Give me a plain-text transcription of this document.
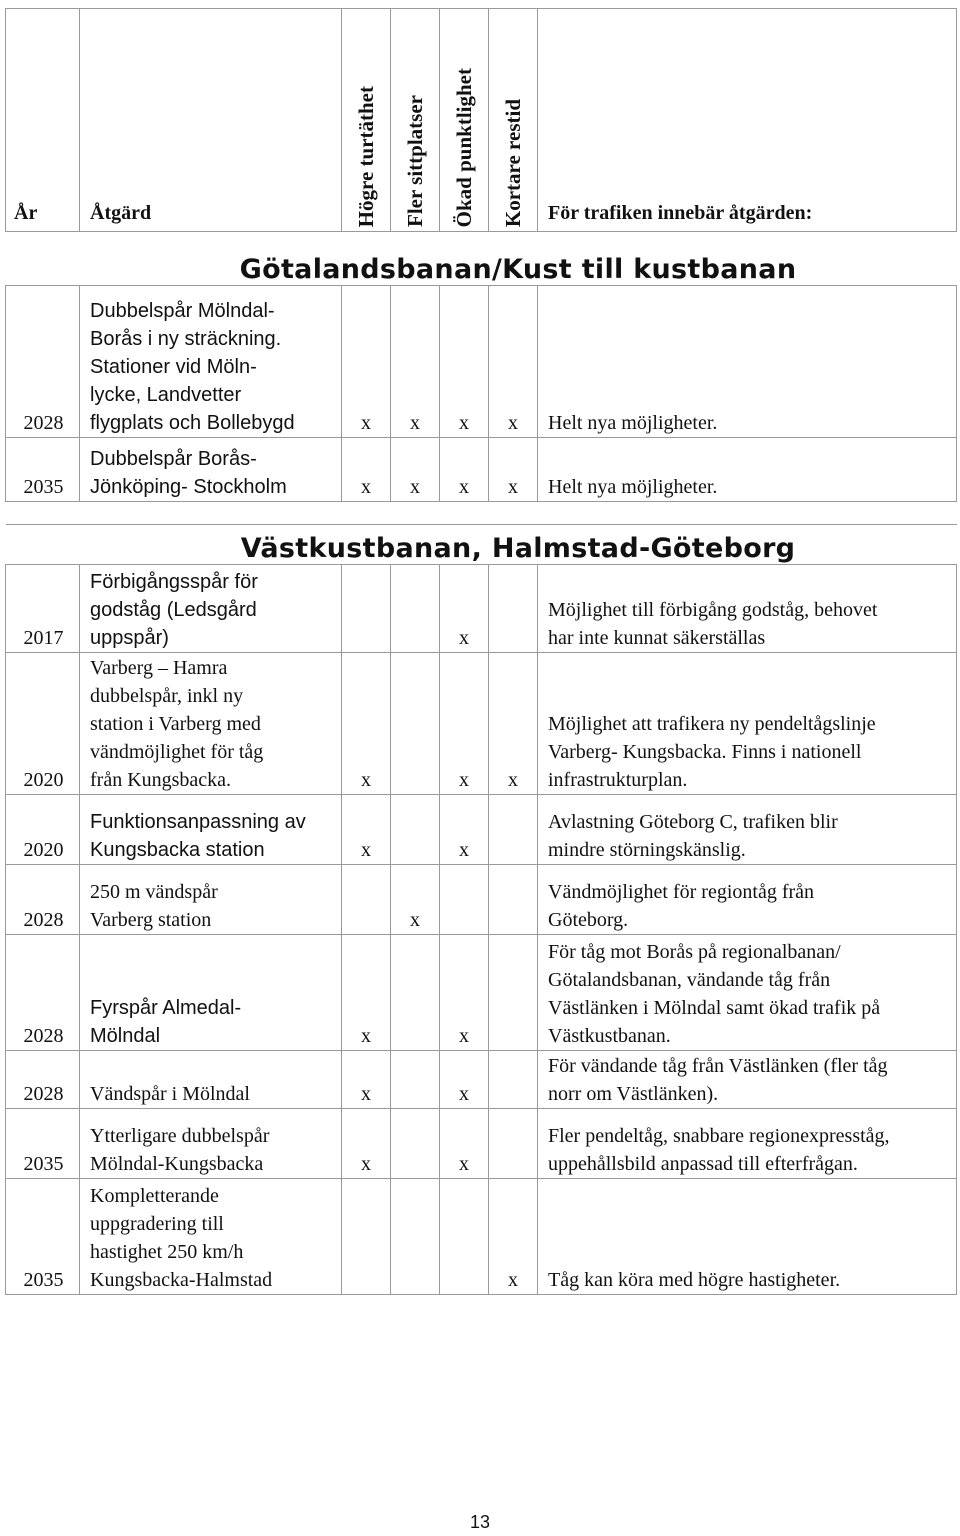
År	Åtgärd	Högre turtäthet	Fler sittplatser	Ökad punktlighet	Kortare restid	För trafiken innebär åtgärden:
	Götalandsbanan/Kust till kustbanan					
2028	Dubbelspår Mölndal-
Borås i ny sträckning.
Stationer vid Möln-
lycke, Landvetter
flygplats och Bollebygd	x	x	x	x	Helt nya möjligheter.
2035	Dubbelspår Borås-
Jönköping- Stockholm	x	x	x	x	Helt nya möjligheter.

	Västkustbanan, Halmstad-Göteborg					
2017	Förbigångsspår för
godståg (Ledsgård
uppspår)			x		Möjlighet till förbigång godståg, behovet
har inte kunnat säkerställas
2020	Varberg – Hamra
dubbelspår, inkl ny
station i Varberg med
vändmöjlighet för tåg
från Kungsbacka.	x		x	x	Möjlighet att trafikera ny pendeltågslinje
Varberg- Kungsbacka. Finns i nationell
infrastrukturplan.
2020	Funktionsanpassning av
Kungsbacka station	x		x		Avlastning Göteborg C, trafiken blir
mindre störningskänslig.
2028	250 m vändspår
Varberg station		x			Vändmöjlighet för regiontåg från
Göteborg.
2028	Fyrspår Almedal-
Mölndal	x		x		För tåg mot Borås på regionalbanan/
Götalandsbanan, vändande tåg från
Västlänken i Mölndal samt ökad trafik på
Västkustbanan.
2028	Vändspår i Mölndal	x		x		För vändande tåg från Västlänken (fler tåg
norr om Västlänken).
2035	Ytterligare dubbelspår
Mölndal-Kungsbacka	x		x		Fler pendeltåg, snabbare regionexpresståg,
uppehållsbild anpassad till efterfrågan.
2035	Kompletterande
uppgradering till
hastighet 250 km/h
Kungsbacka-Halmstad				x	Tåg kan köra med högre hastigheter.
13
